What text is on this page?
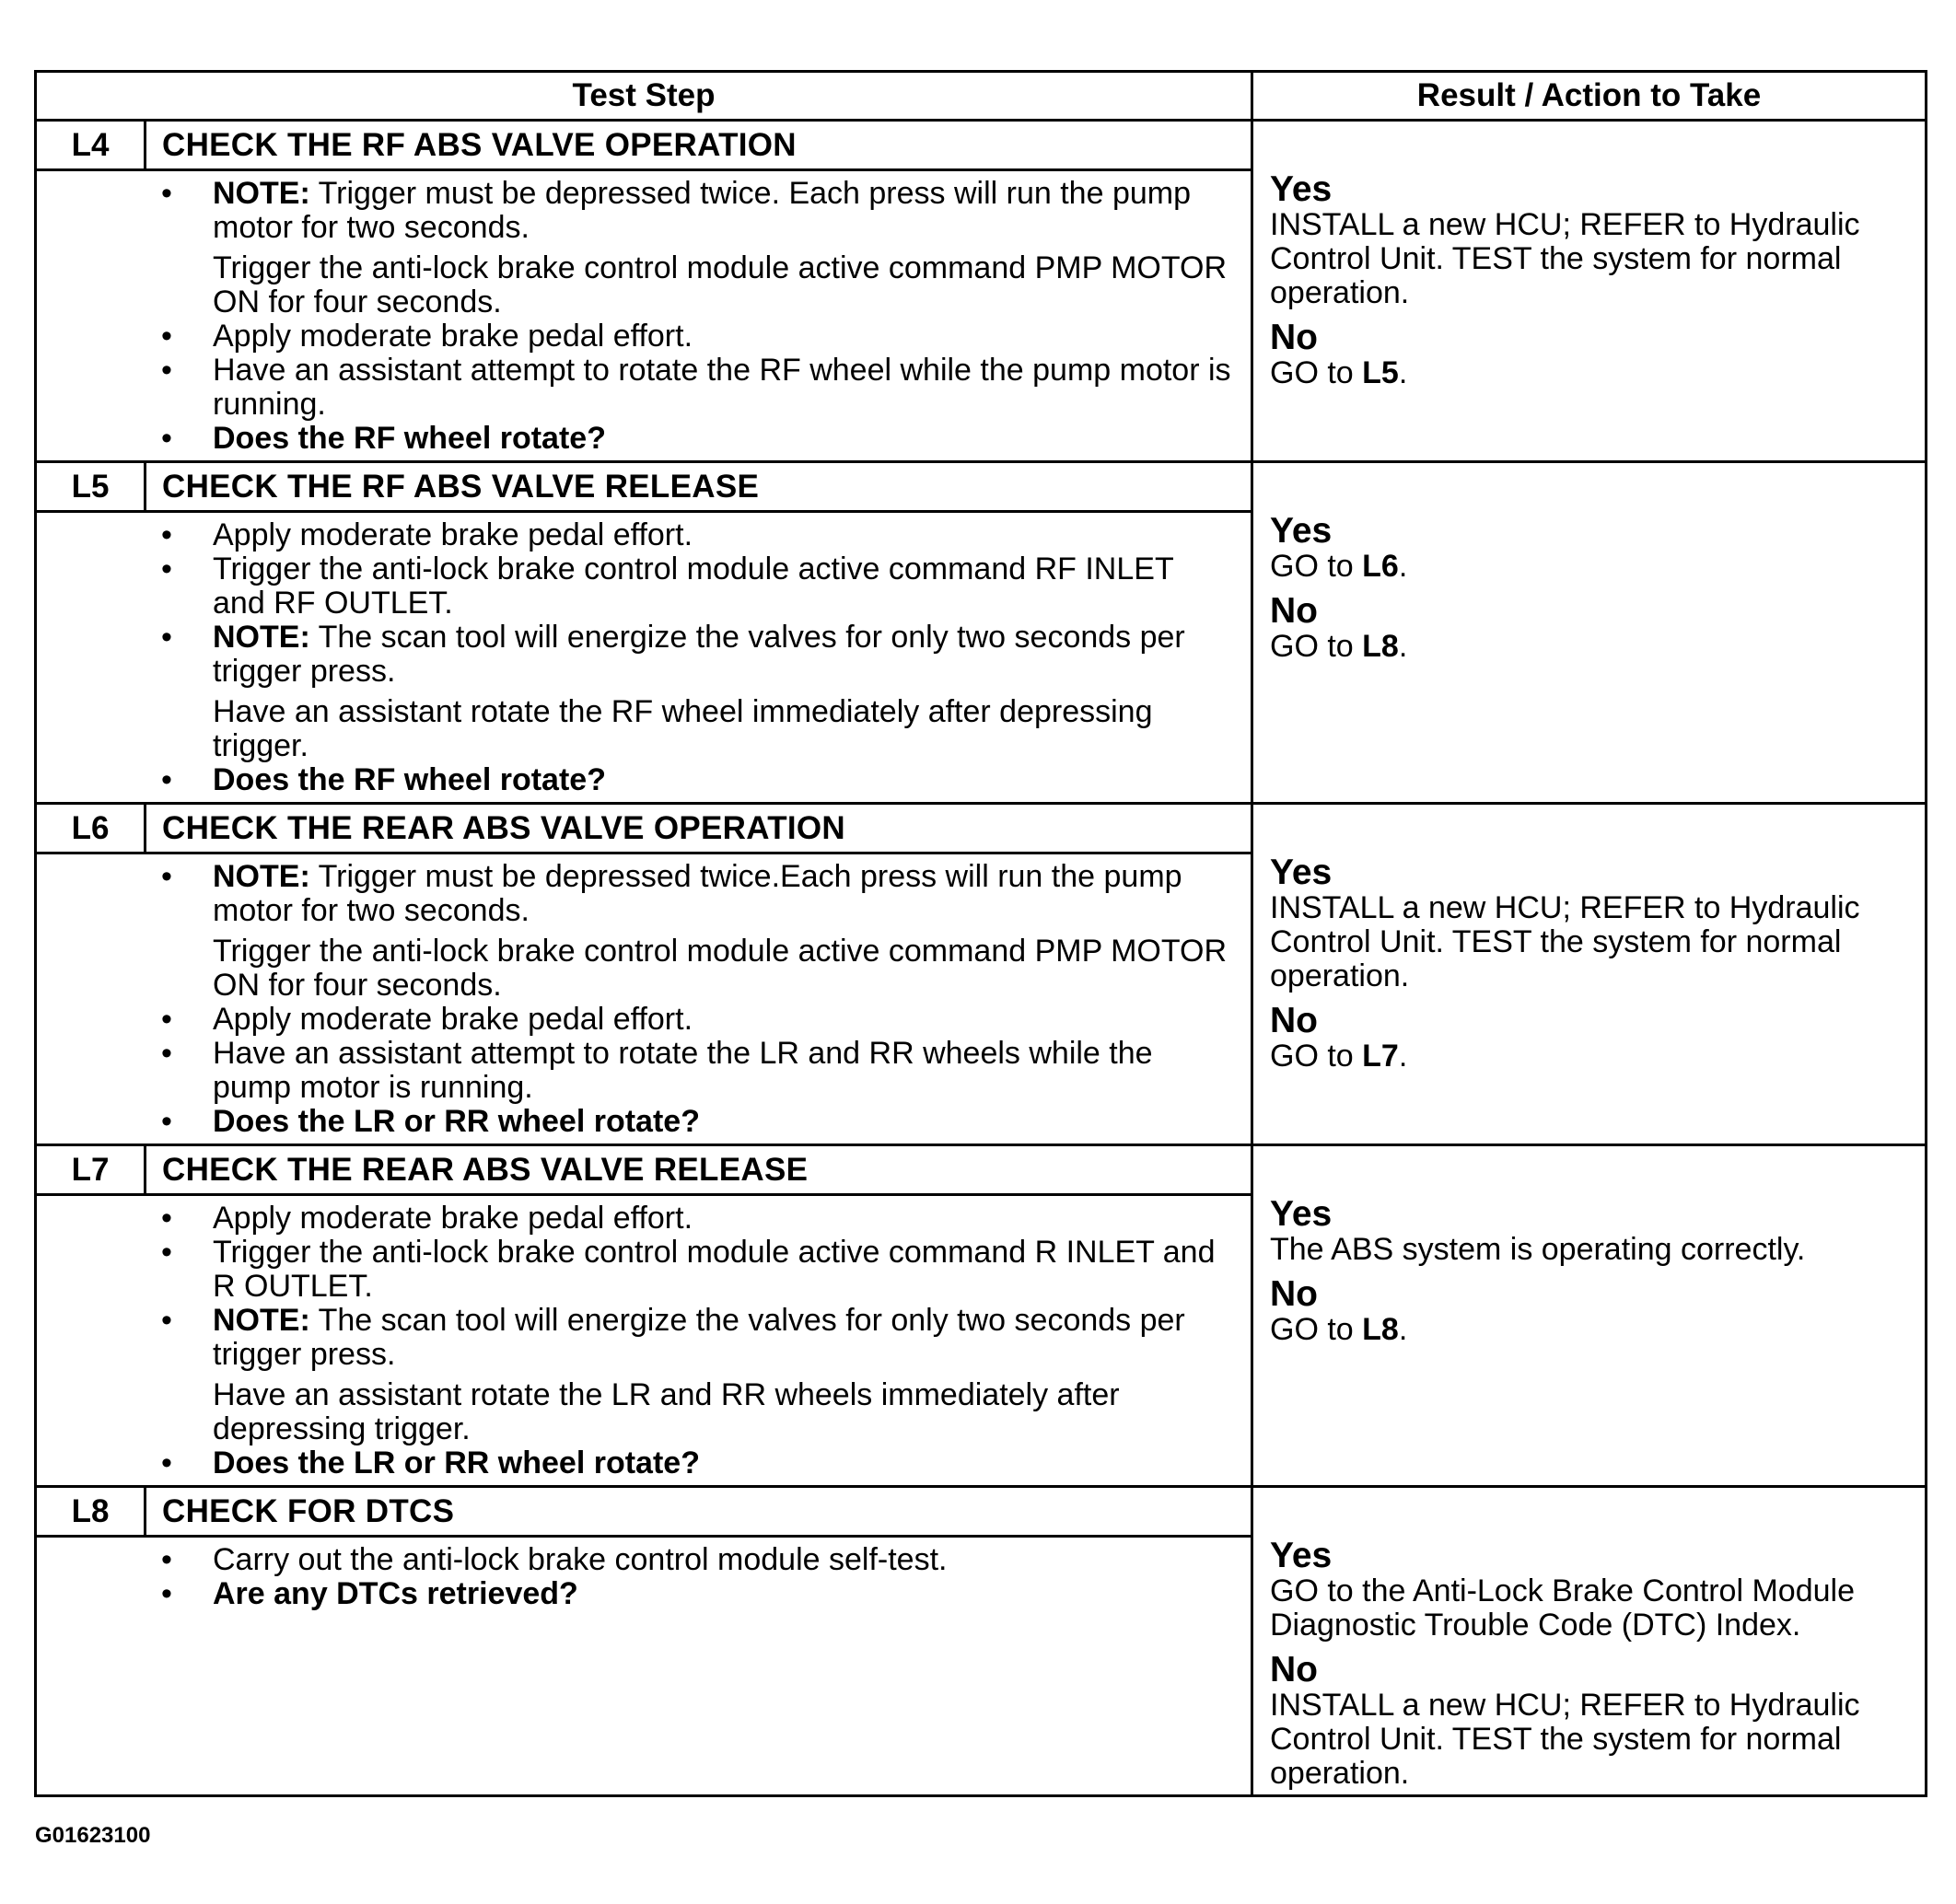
Test Step	Result / Action to Take
L4	CHECK THE RF ABS VALVE OPERATION
• NOTE: Trigger must be depressed twice. Each press will run the pump motor for two seconds.
Trigger the anti-lock brake control module active command PMP MOTOR ON for four seconds.
• Apply moderate brake pedal effort.
• Have an assistant attempt to rotate the RF wheel while the pump motor is running.
• Does the RF wheel rotate?
Yes
INSTALL a new HCU; REFER to Hydraulic Control Unit. TEST the system for normal operation.
No
GO to L5.
L5	CHECK THE RF ABS VALVE RELEASE
• Apply moderate brake pedal effort.
• Trigger the anti-lock brake control module active command RF INLET and RF OUTLET.
• NOTE: The scan tool will energize the valves for only two seconds per trigger press.
Have an assistant rotate the RF wheel immediately after depressing trigger.
• Does the RF wheel rotate?
Yes
GO to L6.
No
GO to L8.
L6	CHECK THE REAR ABS VALVE OPERATION
• NOTE: Trigger must be depressed twice.Each press will run the pump motor for two seconds.
Trigger the anti-lock brake control module active command PMP MOTOR ON for four seconds.
• Apply moderate brake pedal effort.
• Have an assistant attempt to rotate the LR and RR wheels while the pump motor is running.
• Does the LR or RR wheel rotate?
Yes
INSTALL a new HCU; REFER to Hydraulic Control Unit. TEST the system for normal operation.
No
GO to L7.
L7	CHECK THE REAR ABS VALVE RELEASE
• Apply moderate brake pedal effort.
• Trigger the anti-lock brake control module active command R INLET and R OUTLET.
• NOTE: The scan tool will energize the valves for only two seconds per trigger press.
Have an assistant rotate the LR and RR wheels immediately after depressing trigger.
• Does the LR or RR wheel rotate?
Yes
The ABS system is operating correctly.
No
GO to L8.
L8	CHECK FOR DTCS
• Carry out the anti-lock brake control module self-test.
• Are any DTCs retrieved?
Yes
GO to the Anti-Lock Brake Control Module Diagnostic Trouble Code (DTC) Index.
No
INSTALL a new HCU; REFER to Hydraulic Control Unit. TEST the system for normal operation.
G01623100
